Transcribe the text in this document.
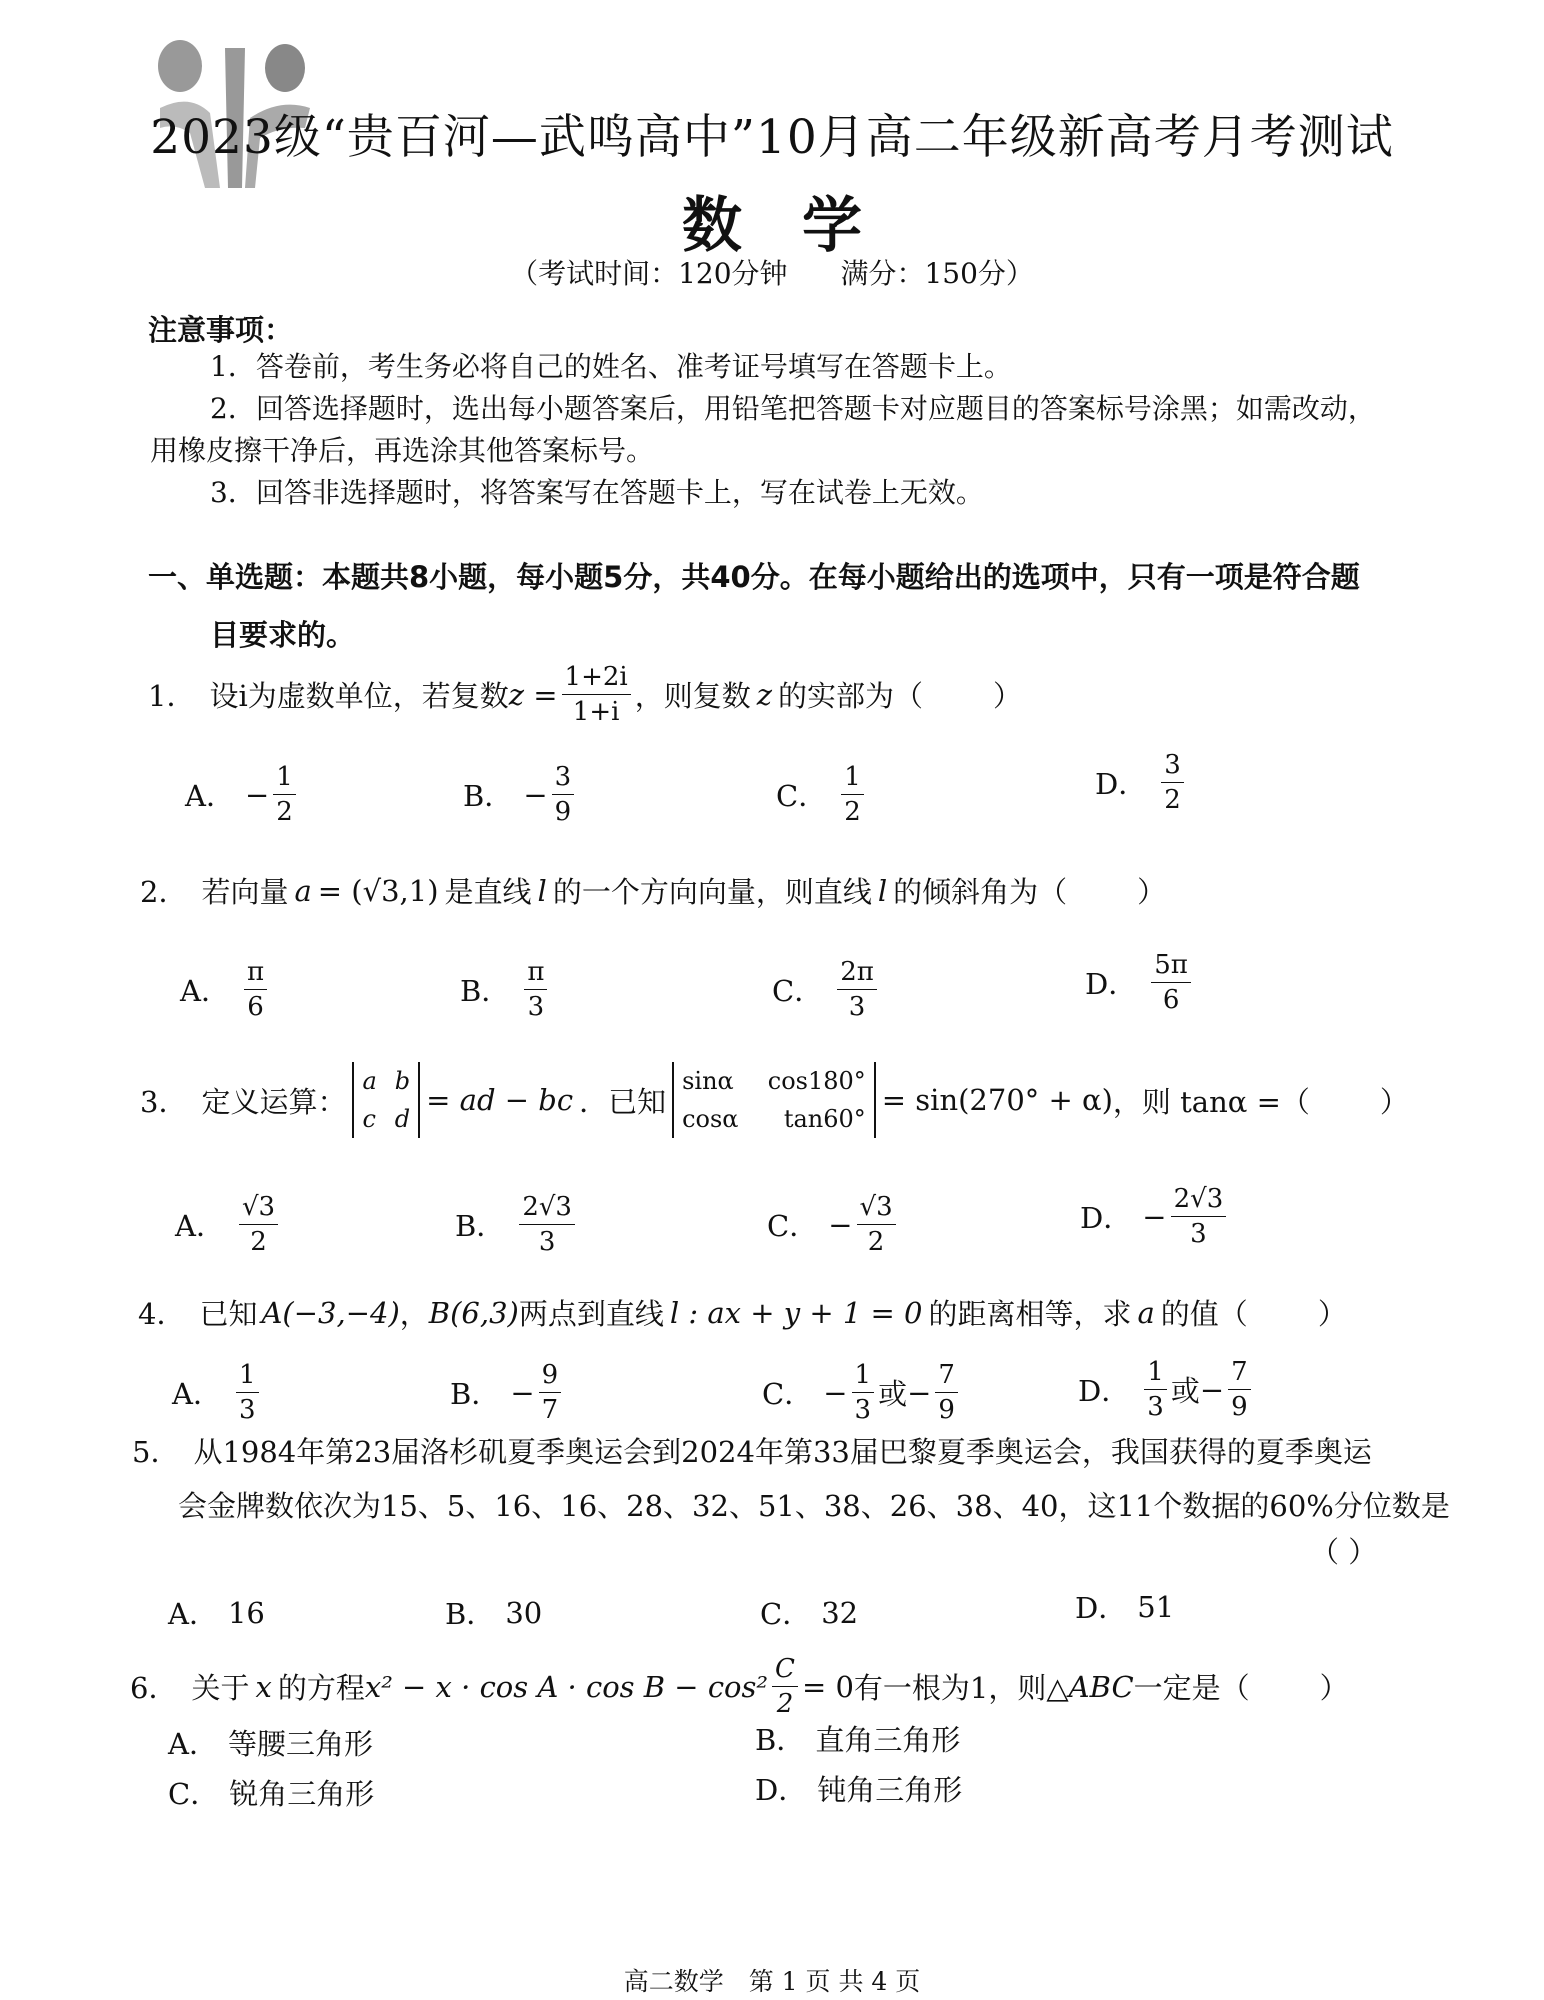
2023级“贵百河—武鸣高中”10月高二年级新高考月考测试
数学
（考试时间：120分钟 满分：150分）
注意事项：
1．答卷前，考生务必将自己的姓名、准考证号填写在答题卡上。
2．回答选择题时，选出每小题答案后，用铅笔把答题卡对应题目的答案标号涂黑；如需改动，
用橡皮擦干净后，再选涂其他答案标号。
3．回答非选择题时，将答案写在答题卡上，写在试卷上无效。
一、单选题：本题共8小题，每小题5分，共40分。在每小题给出的选项中，只有一项是符合题
目要求的。
1． 设i为虚数单位，若复数 $z = \frac{1+2i}{1+i}$ ，则复数 z 的实部为（ ）
A． − $\frac{1}{2}$	B． − $\frac{3}{9}$	C． $\frac{1}{2}$	D． $\frac{3}{2}$
2． 若向量 a = (√3,1) 是直线 l 的一个方向向量，则直线 l 的倾斜角为（ ）
A． $\frac{\pi}{6}$	B． $\frac{\pi}{3}$	C． $\frac{2\pi}{3}$	D． $\frac{5\pi}{6}$
3． 定义运算：
a b
c d
= ad − bc ．已知
sinα cos180°
cosα tan60°
= sin(270° + α) ，则 tanα =（ ）
A． $\frac{√3}{2}$	B． $\frac{2√3}{3}$	C． − $\frac{√3}{2}$	D． − $\frac{2√3}{3}$
4． 已知 A(−3,−4) ， B(6,3) 两点到直线 l : ax + y + 1 = 0 的距离相等，求 a 的值（ ）
A． $\frac{1}{3}$	B． − $\frac{9}{7}$	C． − $\frac{1}{3}$ 或 − $\frac{7}{9}$	D． $\frac{1}{3}$ 或 − $\frac{7}{9}$
5． 从1984年第23届洛杉矶夏季奥运会到2024年第33届巴黎夏季奥运会，我国获得的夏季奥运
会金牌数依次为15、5、16、16、28、32、51、38、26、38、40，这11个数据的60%分位数是
（ ）
A． 16	B． 30	C． 32	D． 51
6． 关于 x 的方程 $x^2 - x \cdot \cos A \cdot \cos B - \cos^2 \frac{C}{2} = 0$ 有一根为1，则△ ABC 一定是（ ）
A． 等腰三角形	B． 直角三角形
C． 锐角三角形	D． 钝角三角形
高二数学　第 1 页 共 4 页
